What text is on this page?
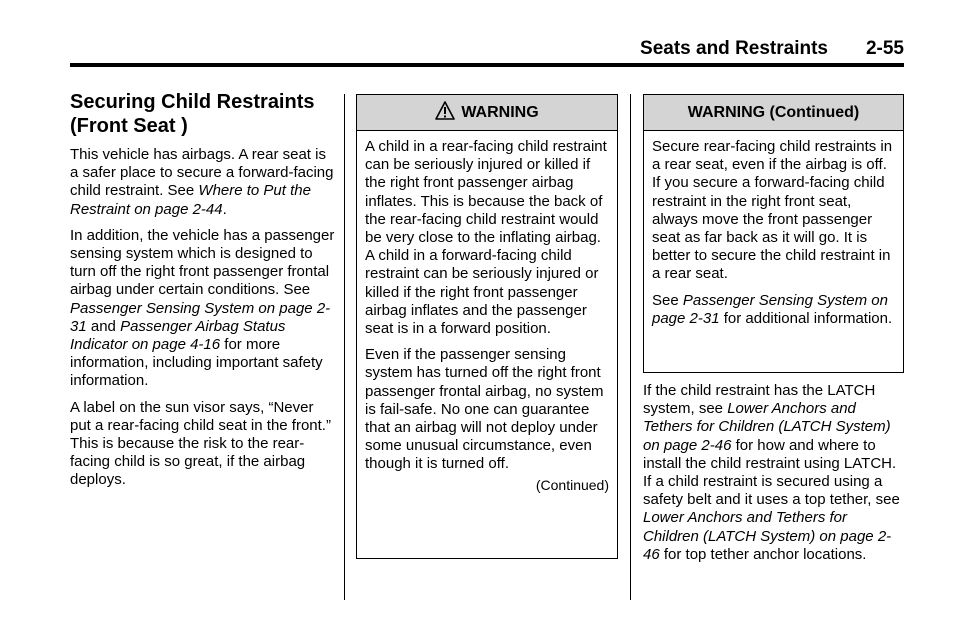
Seats and Restraints 2-55
Securing Child Restraints
(Front Seat )

This vehicle has airbags. A rear seat is a safer place to secure a forward-facing child restraint. See Where to Put the Restraint on page 2-44.

In addition, the vehicle has a passenger sensing system which is designed to turn off the right front passenger frontal airbag under certain conditions. See Passenger Sensing System on page 2-31 and Passenger Airbag Status Indicator on page 4-16 for more information, including important safety information.

A label on the sun visor says, “Never put a rear-facing child seat in the front.” This is because the risk to the rear-facing child is so great, if the airbag deploys.

WARNING

A child in a rear-facing child restraint can be seriously injured or killed if the right front passenger airbag inflates. This is because the back of the rear-facing child restraint would be very close to the inflating airbag. A child in a forward-facing child restraint can be seriously injured or killed if the right front passenger airbag inflates and the passenger seat is in a forward position.

Even if the passenger sensing system has turned off the right front passenger frontal airbag, no system is fail-safe. No one can guarantee that an airbag will not deploy under some unusual circumstance, even though it is turned off.

(Continued)
WARNING (Continued)

Secure rear-facing child restraints in a rear seat, even if the airbag is off. If you secure a forward-facing child restraint in the right front seat, always move the front passenger seat as far back as it will go. It is better to secure the child restraint in a rear seat.

See Passenger Sensing System on page 2-31 for additional information.

If the child restraint has the LATCH system, see Lower Anchors and Tethers for Children (LATCH System) on page 2-46 for how and where to install the child restraint using LATCH. If a child restraint is secured using a safety belt and it uses a top tether, see Lower Anchors and Tethers for Children (LATCH System) on page 2-46 for top tether anchor locations.
